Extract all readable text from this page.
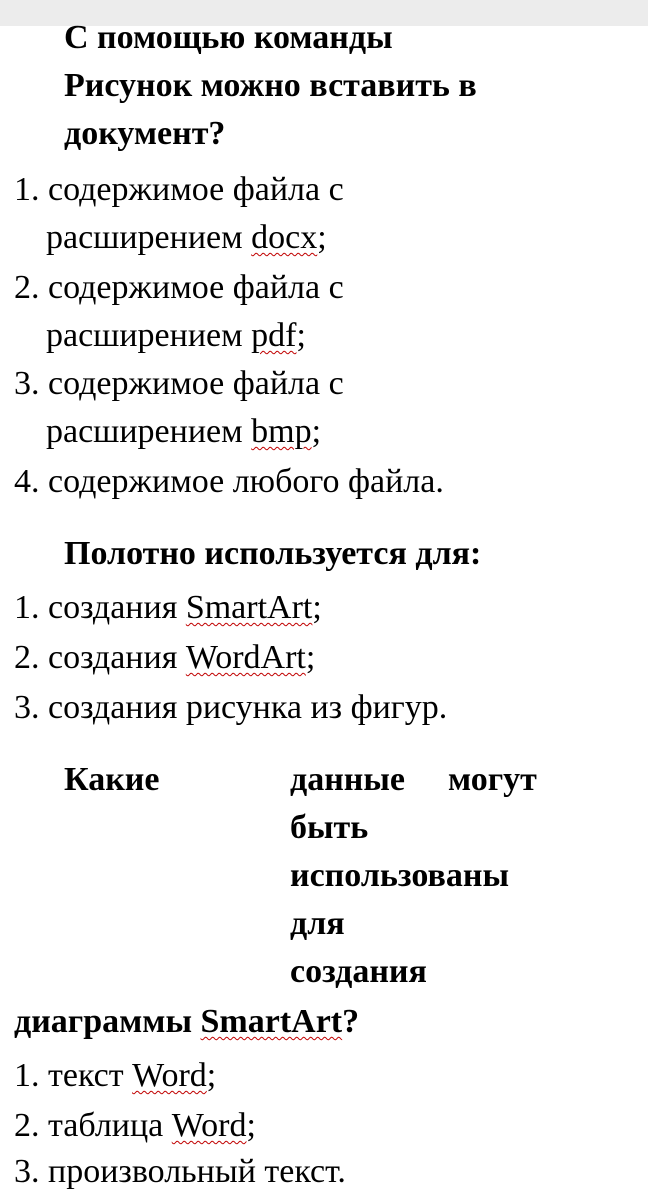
С помощью команды
Рисунок можно вставить в
документ?
1. содержимое файла с
расширением docx;
2. содержимое файла с
расширением pdf;
3. содержимое файла с
расширением bmp;
4. содержимое любого файла.
Полотно используется для:
1. создания SmartArt;
2. создания WordArt;
3. создания рисунка из фигур.
Какие	данные могут
быть
использованы
для
создания
диаграммы SmartArt?
1. текст Word;
2. таблица Word;
3. произвольный текст.
